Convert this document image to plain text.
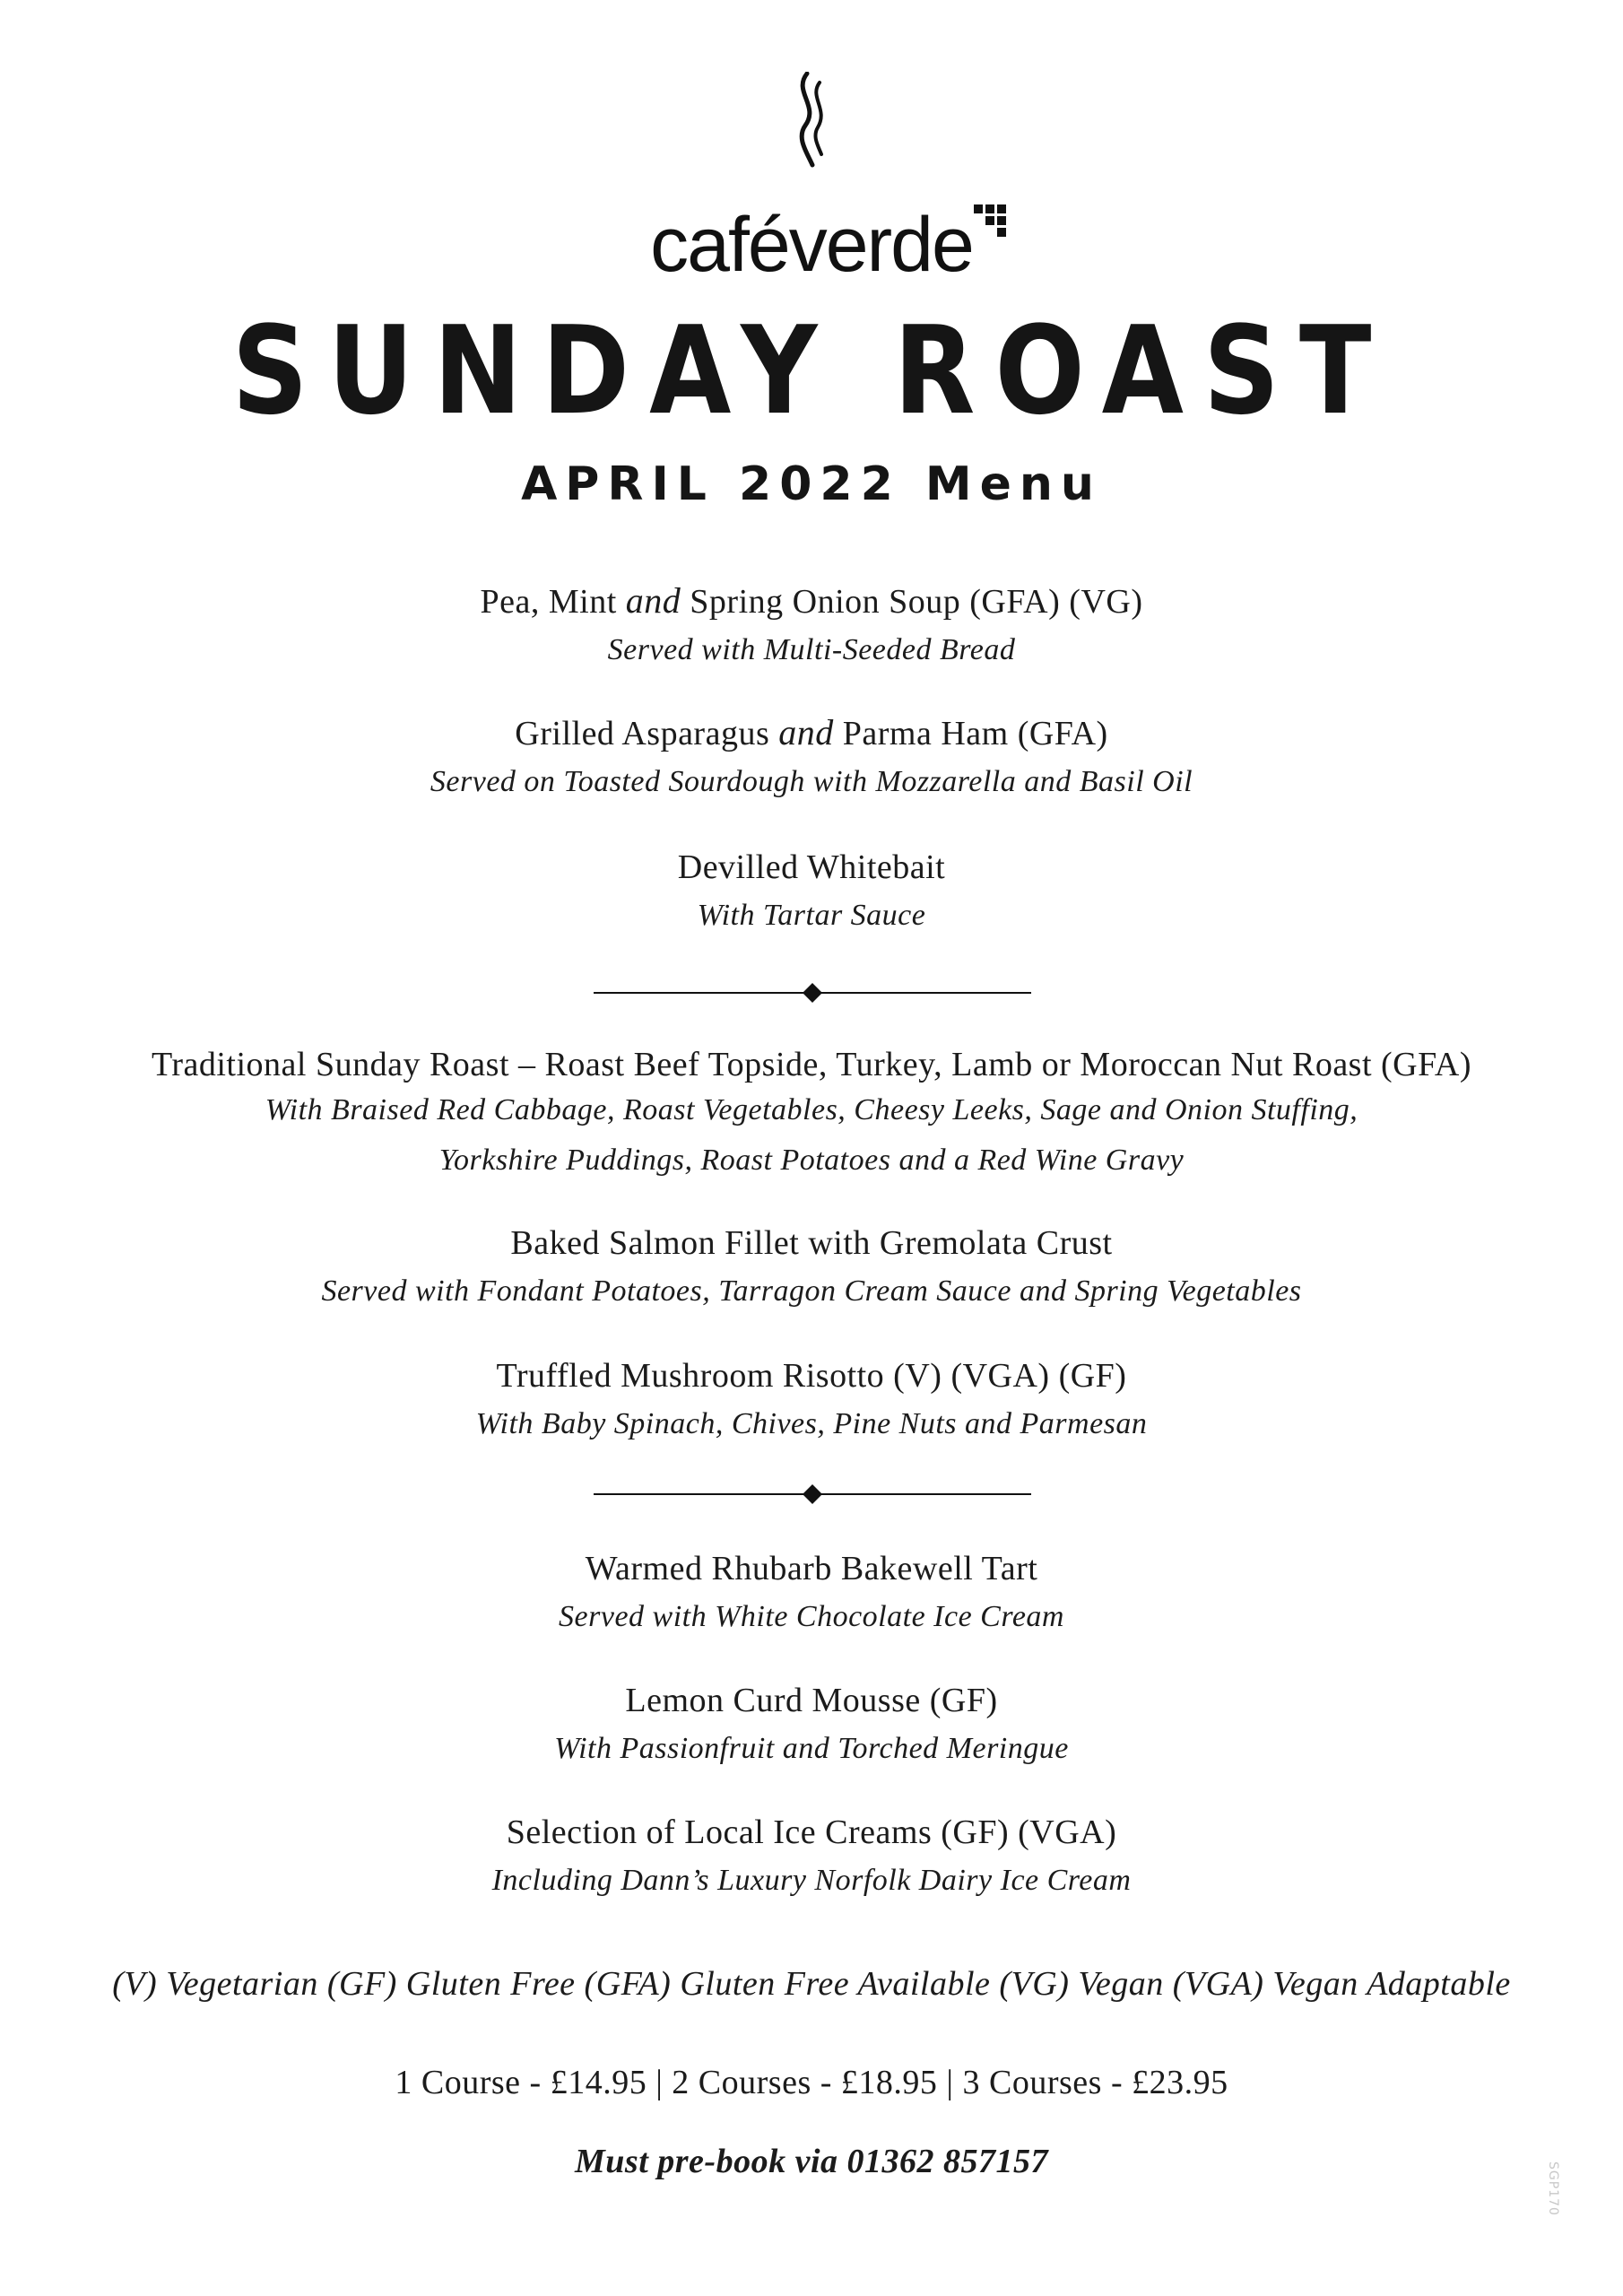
caféverde
SUNDAY ROAST
APRIL 2022 Menu
Pea, Mint and Spring Onion Soup (GFA) (VG)
Served with Multi-Seeded Bread
Grilled Asparagus and Parma Ham (GFA)
Served on Toasted Sourdough with Mozzarella and Basil Oil
Devilled Whitebait
With Tartar Sauce
Traditional Sunday Roast – Roast Beef Topside, Turkey, Lamb or Moroccan Nut Roast (GFA)
With Braised Red Cabbage, Roast Vegetables, Cheesy Leeks, Sage and Onion Stuffing,
Yorkshire Puddings, Roast Potatoes and a Red Wine Gravy
Baked Salmon Fillet with Gremolata Crust
Served with Fondant Potatoes, Tarragon Cream Sauce and Spring Vegetables
Truffled Mushroom Risotto (V) (VGA) (GF)
With Baby Spinach, Chives, Pine Nuts and Parmesan
Warmed Rhubarb Bakewell Tart
Served with White Chocolate Ice Cream
Lemon Curd Mousse (GF)
With Passionfruit and Torched Meringue
Selection of Local Ice Creams (GF) (VGA)
Including Dann’s Luxury Norfolk Dairy Ice Cream
(V) Vegetarian (GF) Gluten Free (GFA) Gluten Free Available (VG) Vegan (VGA) Vegan Adaptable
1 Course - £14.95 | 2 Courses - £18.95 | 3 Courses - £23.95
Must pre-book via 01362 857157	SGP170
